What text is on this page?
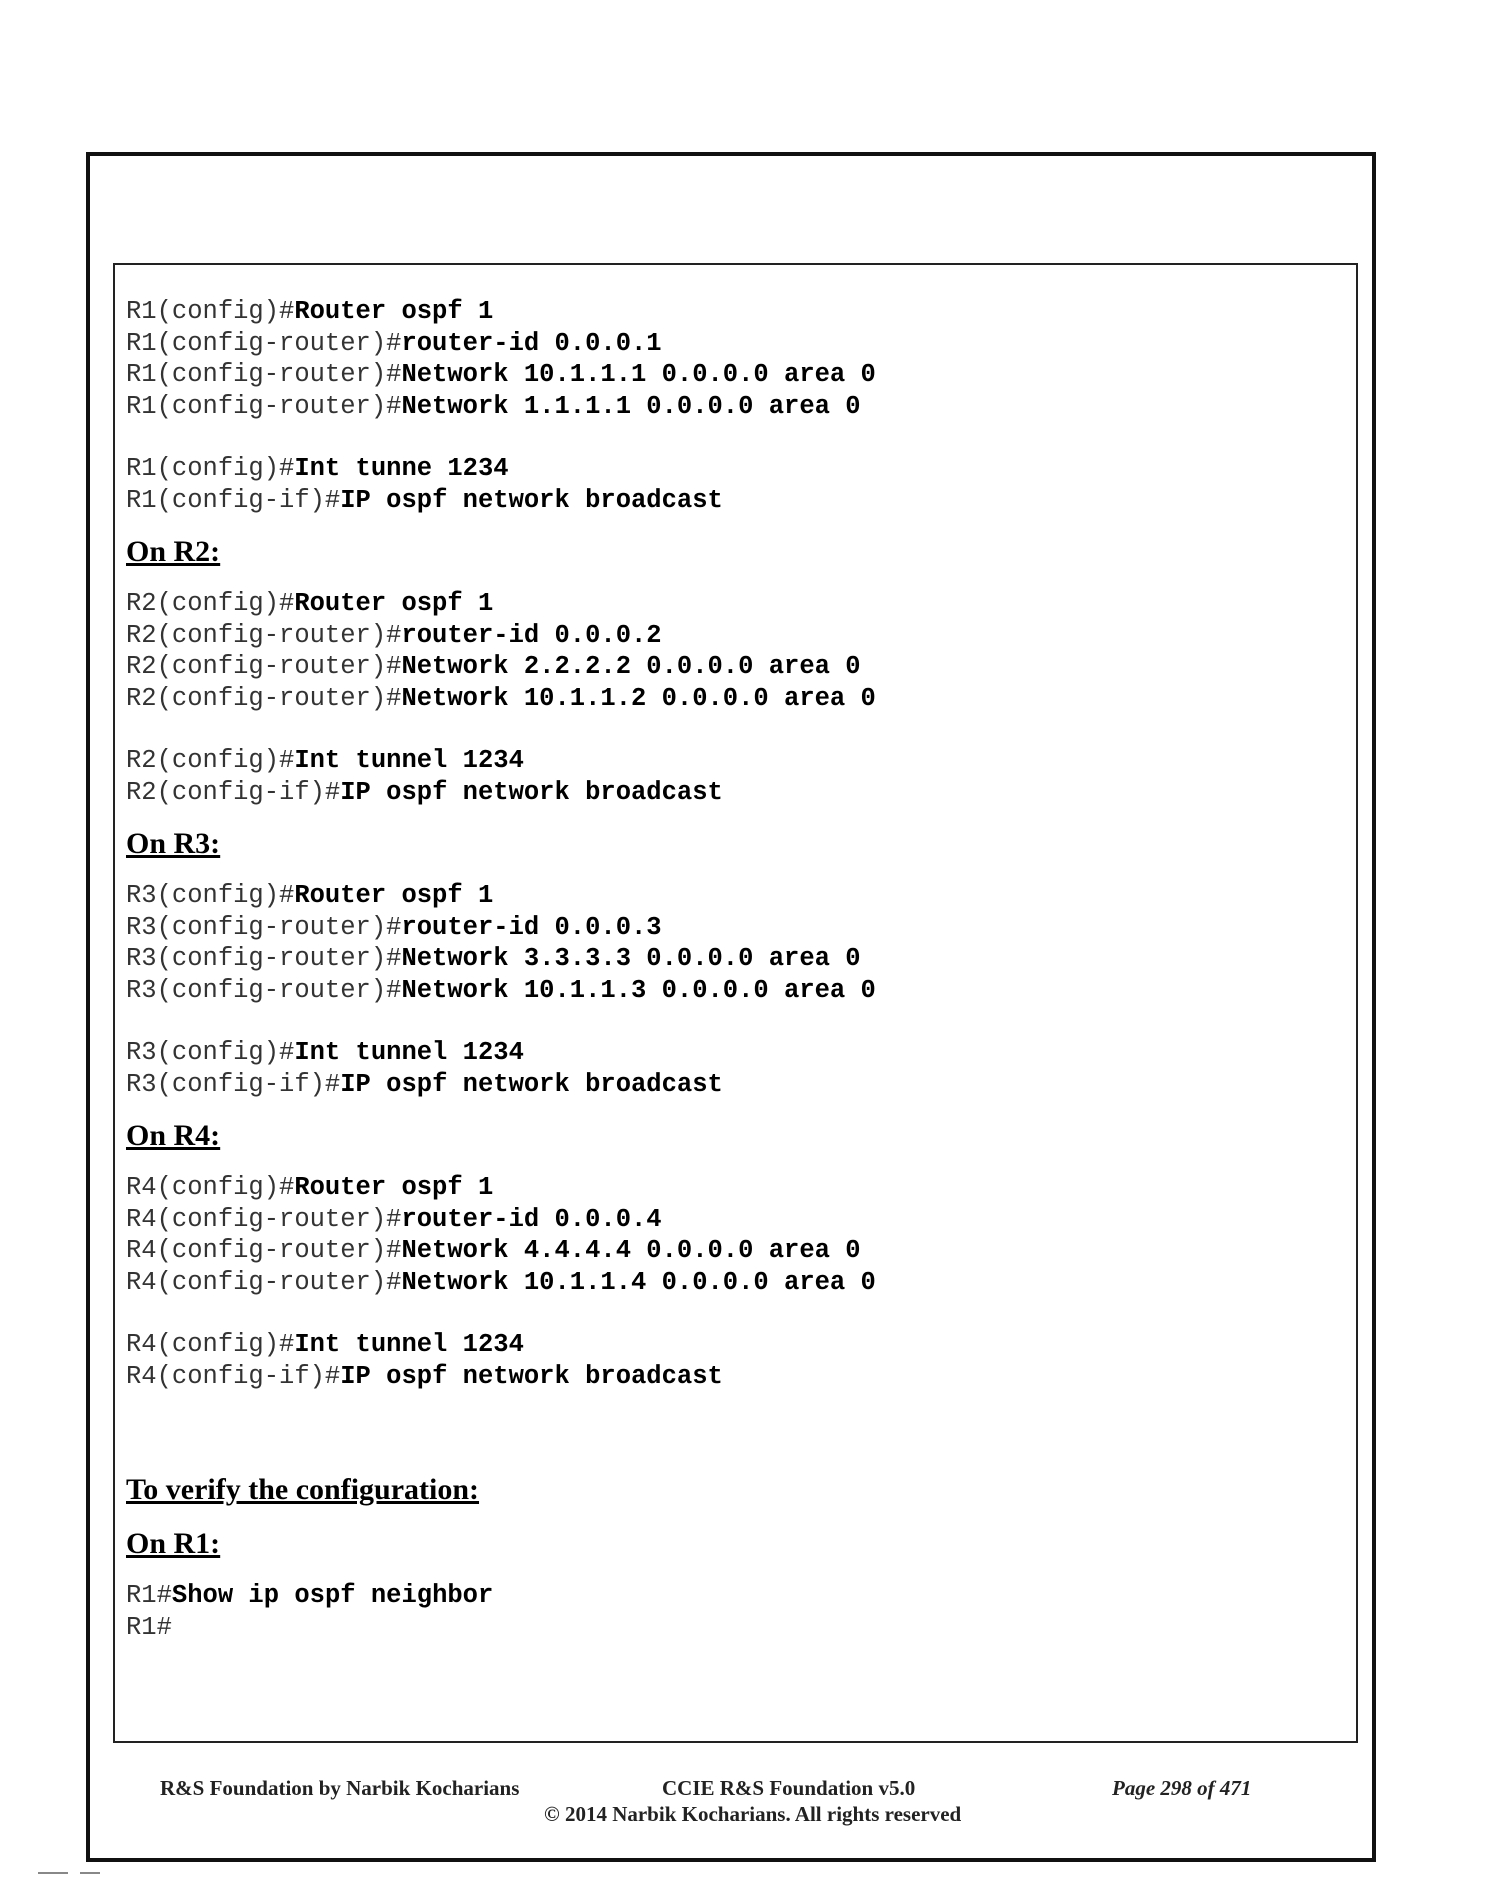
R1(config)#Router ospf 1
R1(config-router)#router-id 0.0.0.1
R1(config-router)#Network 10.1.1.1 0.0.0.0 area 0
R1(config-router)#Network 1.1.1.1 0.0.0.0 area 0
R1(config)#Int tunne 1234
R1(config-if)#IP ospf network broadcast
On R2:
R2(config)#Router ospf 1
R2(config-router)#router-id 0.0.0.2
R2(config-router)#Network 2.2.2.2 0.0.0.0 area 0
R2(config-router)#Network 10.1.1.2 0.0.0.0 area 0
R2(config)#Int tunnel 1234
R2(config-if)#IP ospf network broadcast
On R3:
R3(config)#Router ospf 1
R3(config-router)#router-id 0.0.0.3
R3(config-router)#Network 3.3.3.3 0.0.0.0 area 0
R3(config-router)#Network 10.1.1.3 0.0.0.0 area 0
R3(config)#Int tunnel 1234
R3(config-if)#IP ospf network broadcast
On R4:
R4(config)#Router ospf 1
R4(config-router)#router-id 0.0.0.4
R4(config-router)#Network 4.4.4.4 0.0.0.0 area 0
R4(config-router)#Network 10.1.1.4 0.0.0.0 area 0
R4(config)#Int tunnel 1234
R4(config-if)#IP ospf network broadcast
To verify the configuration:
On R1:
R1#Show ip ospf neighbor
R1#
R&S Foundation by Narbik Kocharians	CCIE R&S Foundation v5.0	Page 298 of 471
© 2014 Narbik Kocharians. All rights reserved
